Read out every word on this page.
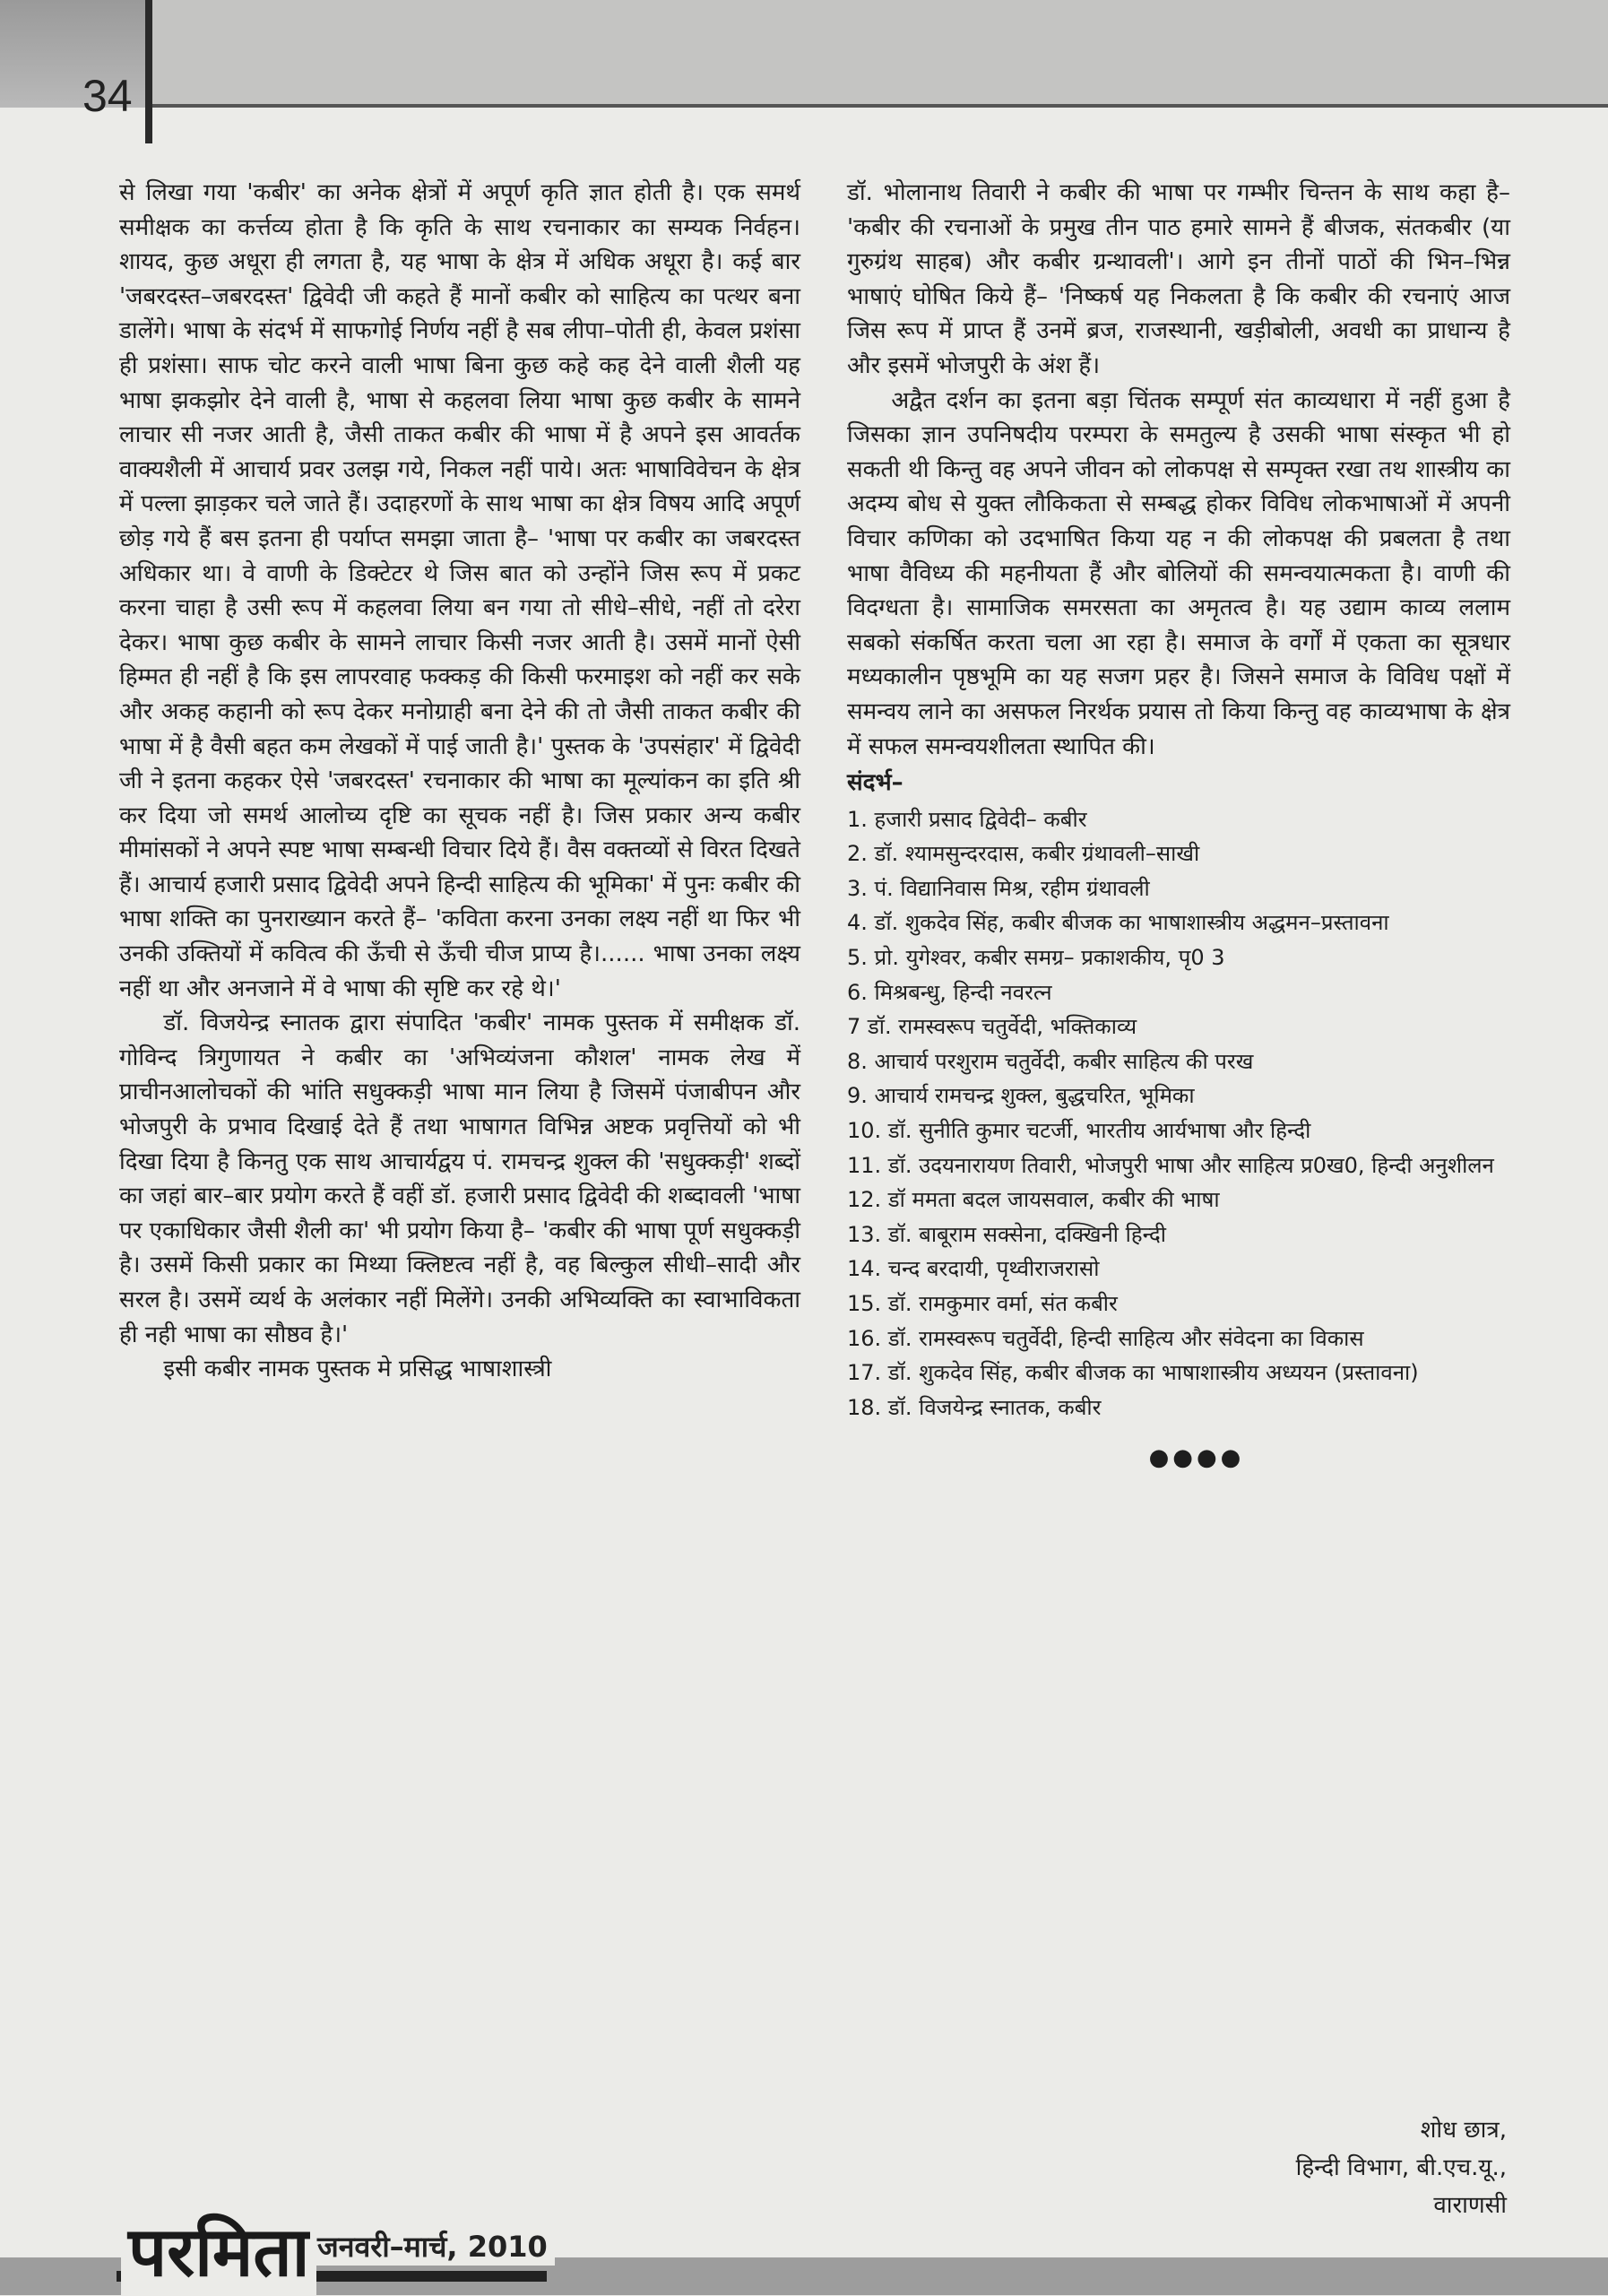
34

से लिखा गया 'कबीर' का अनेक क्षेत्रों में अपूर्ण कृति ज्ञात होती है। एक समर्थ समीक्षक का कर्त्तव्य होता है कि कृति के साथ रचनाकार का सम्यक निर्वहन। शायद, कुछ अधूरा ही लगता है, यह भाषा के क्षेत्र में अधिक अधूरा है। कई बार 'जबरदस्त–जबरदस्त' द्विवेदी जी कहते हैं मानों कबीर को साहित्य का पत्थर बना डालेंगे। भाषा के संदर्भ में साफगोई निर्णय नहीं है सब लीपा–पोती ही, केवल प्रशंसा ही प्रशंसा। साफ चोट करने वाली भाषा बिना कुछ कहे कह देने वाली शैली यह भाषा झकझोर देने वाली है, भाषा से कहलवा लिया भाषा कुछ कबीर के सामने लाचार सी नजर आती है, जैसी ताकत कबीर की भाषा में है अपने इस आवर्तक वाक्यशैली में आचार्य प्रवर उलझ गये, निकल नहीं पाये। अतः भाषाविवेचन के क्षेत्र में पल्ला झाड़कर चले जाते हैं। उदाहरणों के साथ भाषा का क्षेत्र विषय आदि अपूर्ण छोड़ गये हैं बस इतना ही पर्याप्त समझा जाता है– 'भाषा पर कबीर का जबरदस्त अधिकार था। वे वाणी के डिक्टेटर थे जिस बात को उन्होंने जिस रूप में प्रकट करना चाहा है उसी रूप में कहलवा लिया बन गया तो सीधे–सीधे, नहीं तो दरेरा देकर। भाषा कुछ कबीर के सामने लाचार किसी नजर आती है। उसमें मानों ऐसी हिम्मत ही नहीं है कि इस लापरवाह फक्कड़ की किसी फरमाइश को नहीं कर सके और अकह कहानी को रूप देकर मनोग्राही बना देने की तो जैसी ताकत कबीर की भाषा में है वैसी बहत कम लेखकों में पाई जाती है।' पुस्तक के 'उपसंहार' में द्विवेदी जी ने इतना कहकर ऐसे 'जबरदस्त' रचनाकार की भाषा का मूल्यांकन का इति श्री कर दिया जो समर्थ आलोच्य दृष्टि का सूचक नहीं है। जिस प्रकार अन्य कबीर मीमांसकों ने अपने स्पष्ट भाषा सम्बन्धी विचार दिये हैं। वैस वक्तव्यों से विरत दिखते हैं। आचार्य हजारी प्रसाद द्विवेदी अपने हिन्दी साहित्य की भूमिका' में पुनः कबीर की भाषा शक्ति का पुनराख्यान करते हैं– 'कविता करना उनका लक्ष्य नहीं था फिर भी उनकी उक्तियों में कवित्व की ऊँची से ऊँची चीज प्राप्य है।...... भाषा उनका लक्ष्य नहीं था और अनजाने में वे भाषा की सृष्टि कर रहे थे।'

डॉ. विजयेन्द्र स्नातक द्वारा संपादित 'कबीर' नामक पुस्तक में समीक्षक डॉ. गोविन्द त्रिगुणायत ने कबीर का 'अभिव्यंजना कौशल' नामक लेख में प्राचीनआलोचकों की भांति सधुक्कड़ी भाषा मान लिया है जिसमें पंजाबीपन और भोजपुरी के प्रभाव दिखाई देते हैं तथा भाषागत विभिन्न अष्टक प्रवृत्तियों को भी दिखा दिया है किनतु एक साथ आचार्यद्वय पं. रामचन्द्र शुक्ल की 'सधुक्कड़ी' शब्दों का जहां बार–बार प्रयोग करते हैं वहीं डॉ. हजारी प्रसाद द्विवेदी की शब्दावली 'भाषा पर एकाधिकार जैसी शैली का' भी प्रयोग किया है– 'कबीर की भाषा पूर्ण सधुक्कड़ी है। उसमें किसी प्रकार का मिथ्या क्लिष्टत्व नहीं है, वह बिल्कुल सीधी–सादी और सरल है। उसमें व्यर्थ के अलंकार नहीं मिलेंगे। उनकी अभिव्यक्ति का स्वाभाविकता ही नही भाषा का सौष्ठव है।'

इसी कबीर नामक पुस्तक मे प्रसिद्ध भाषाशास्त्री

डॉ. भोलानाथ तिवारी ने कबीर की भाषा पर गम्भीर चिन्तन के साथ कहा है– 'कबीर की रचनाओं के प्रमुख तीन पाठ हमारे सामने हैं बीजक, संतकबीर (या गुरुग्रंथ साहब) और कबीर ग्रन्थावली'। आगे इन तीनों पाठों की भिन–भिन्न भाषाएं घोषित किये हैं– 'निष्कर्ष यह निकलता है कि कबीर की रचनाएं आज जिस रूप में प्राप्त हैं उनमें ब्रज, राजस्थानी, खड़ीबोली, अवधी का प्राधान्य है और इसमें भोजपुरी के अंश हैं।

अद्वैत दर्शन का इतना बड़ा चिंतक सम्पूर्ण संत काव्यधारा में नहीं हुआ है जिसका ज्ञान उपनिषदीय परम्परा के समतुल्य है उसकी भाषा संस्कृत भी हो सकती थी किन्तु वह अपने जीवन को लोकपक्ष से सम्पृक्त रखा तथ शास्त्रीय का अदम्य बोध से युक्त लौकिकता से सम्बद्ध होकर विविध लोकभाषाओं में अपनी विचार कणिका को उदभाषित किया यह न की लोकपक्ष की प्रबलता है तथा भाषा वैविध्य की महनीयता हैं और बोलियों की समन्वयात्मकता है। वाणी की विदग्धता है। सामाजिक समरसता का अमृतत्व है। यह उद्याम काव्य ललाम सबको संकर्षित करता चला आ रहा है। समाज के वर्गों में एकता का सूत्रधार मध्यकालीन पृष्ठभूमि का यह सजग प्रहर है। जिसने समाज के विविध पक्षों में समन्वय लाने का असफल निरर्थक प्रयास तो किया किन्तु वह काव्यभाषा के क्षेत्र में सफल समन्वयशीलता स्थापित की।

संदर्भ–
1. हजारी प्रसाद द्विवेदी– कबीर
2. डॉ. श्यामसुन्दरदास, कबीर ग्रंथावली–साखी
3. पं. विद्यानिवास मिश्र, रहीम ग्रंथावली
4. डॉ. शुकदेव सिंह, कबीर बीजक का भाषाशास्त्रीय अद्धमन–प्रस्तावना
5. प्रो. युगेश्वर, कबीर समग्र– प्रकाशकीय, पृ0 3
6. मिश्रबन्धु, हिन्दी नवरत्न
7 डॉ. रामस्वरूप चतुर्वेदी, भक्तिकाव्य
8. आचार्य परशुराम चतुर्वेदी, कबीर साहित्य की परख
9. आचार्य रामचन्द्र शुक्ल, बुद्धचरित, भूमिका
10. डॉ. सुनीति कुमार चटर्जी, भारतीय आर्यभाषा और हिन्दी
11. डॉ. उदयनारायण तिवारी, भोजपुरी भाषा और साहित्य प्र0ख0, हिन्दी अनुशीलन
12. डॉ ममता बदल जायसवाल, कबीर की भाषा
13. डॉ. बाबूराम सक्सेना, दक्खिनी हिन्दी
14. चन्द बरदायी, पृथ्वीराजरासो
15. डॉ. रामकुमार वर्मा, संत कबीर
16. डॉ. रामस्वरूप चतुर्वेदी, हिन्दी साहित्य और संवेदना का विकास
17. डॉ. शुकदेव सिंह, कबीर बीजक का भाषाशास्त्रीय अध्ययन (प्रस्तावना)
18. डॉ. विजयेन्द्र स्नातक, कबीर
●●●●
शोध छात्र,
हिन्दी विभाग, बी.एच.यू.,
वाराणसी
परमिता जनवरी–मार्च, 2010
